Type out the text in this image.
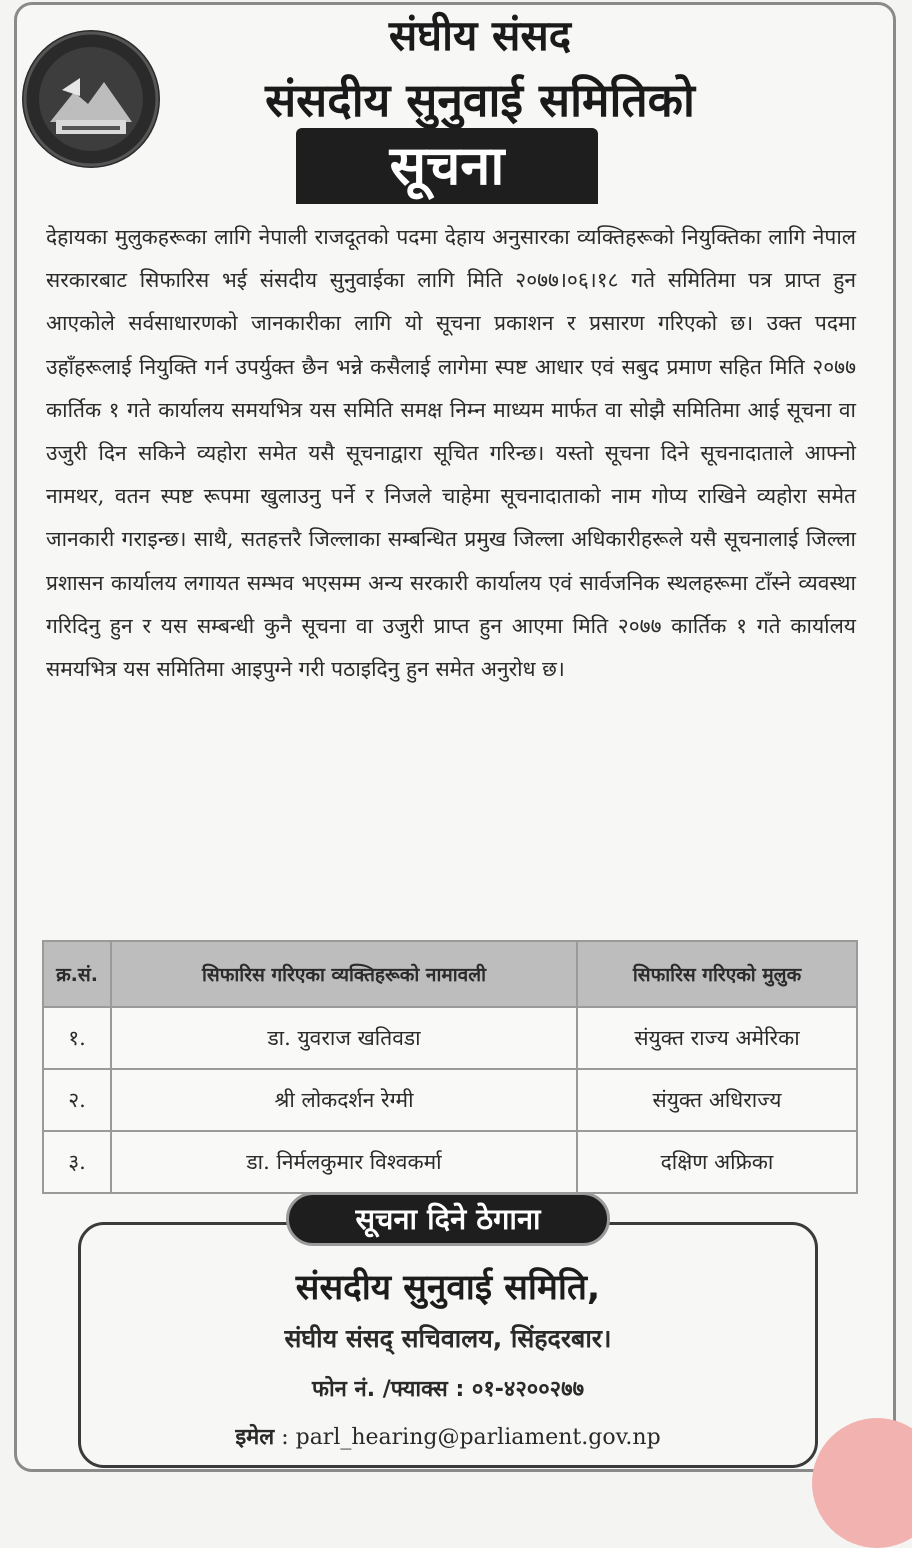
संघीय संसद
संसदीय सुनुवाई समितिको
सूचना
देहायका मुलुकहरूका लागि नेपाली राजदूतको पदमा देहाय अनुसारका व्यक्तिहरूको नियुक्तिका लागि नेपाल सरकारबाट सिफारिस भई संसदीय सुनुवाईका लागि मिति २०७७।०६।१८ गते समितिमा पत्र प्राप्त हुन आएकोले सर्वसाधारणको जानकारीका लागि यो सूचना प्रकाशन र प्रसारण गरिएको छ। उक्त पदमा उहाँहरूलाई नियुक्ति गर्न उपर्युक्त छैन भन्ने कसैलाई लागेमा स्पष्ट आधार एवं सबुद प्रमाण सहित मिति २०७७ कार्तिक १ गते कार्यालय समयभित्र यस समिति समक्ष निम्न माध्यम मार्फत वा सोझै समितिमा आई सूचना वा उजुरी दिन सकिने व्यहोरा समेत यसै सूचनाद्वारा सूचित गरिन्छ। यस्तो सूचना दिने सूचनादाताले आफ्नो नामथर, वतन स्पष्ट रूपमा खुलाउनु पर्ने र निजले चाहेमा सूचनादाताको नाम गोप्य राखिने व्यहोरा समेत जानकारी गराइन्छ। साथै, सतहत्तरै जिल्लाका सम्बन्धित प्रमुख जिल्ला अधिकारीहरूले यसै सूचनालाई जिल्ला प्रशासन कार्यालय लगायत सम्भव भएसम्म अन्य सरकारी कार्यालय एवं सार्वजनिक स्थलहरूमा टाँस्ने व्यवस्था गरिदिनु हुन र यस सम्बन्धी कुनै सूचना वा उजुरी प्राप्त हुन आएमा मिति २०७७ कार्तिक १ गते कार्यालय समयभित्र यस समितिमा आइपुग्ने गरी पठाइदिनु हुन समेत अनुरोध छ।
क्र.सं.	सिफारिस गरिएका व्यक्तिहरूको नामावली	सिफारिस गरिएको मुलुक
१.	डा. युवराज खतिवडा	संयुक्त राज्य अमेरिका
२.	श्री लोकदर्शन रेग्मी	संयुक्त अधिराज्य
३.	डा. निर्मलकुमार विश्वकर्मा	दक्षिण अफ्रिका
संसदीय सुनुवाई समिति,
संघीय संसद् सचिवालय, सिंहदरबार।
फोन नं. /फ्याक्स : ०१-४२००२७७
इमेल : parl_hearing@parliament.gov.np
सूचना दिने ठेगाना
